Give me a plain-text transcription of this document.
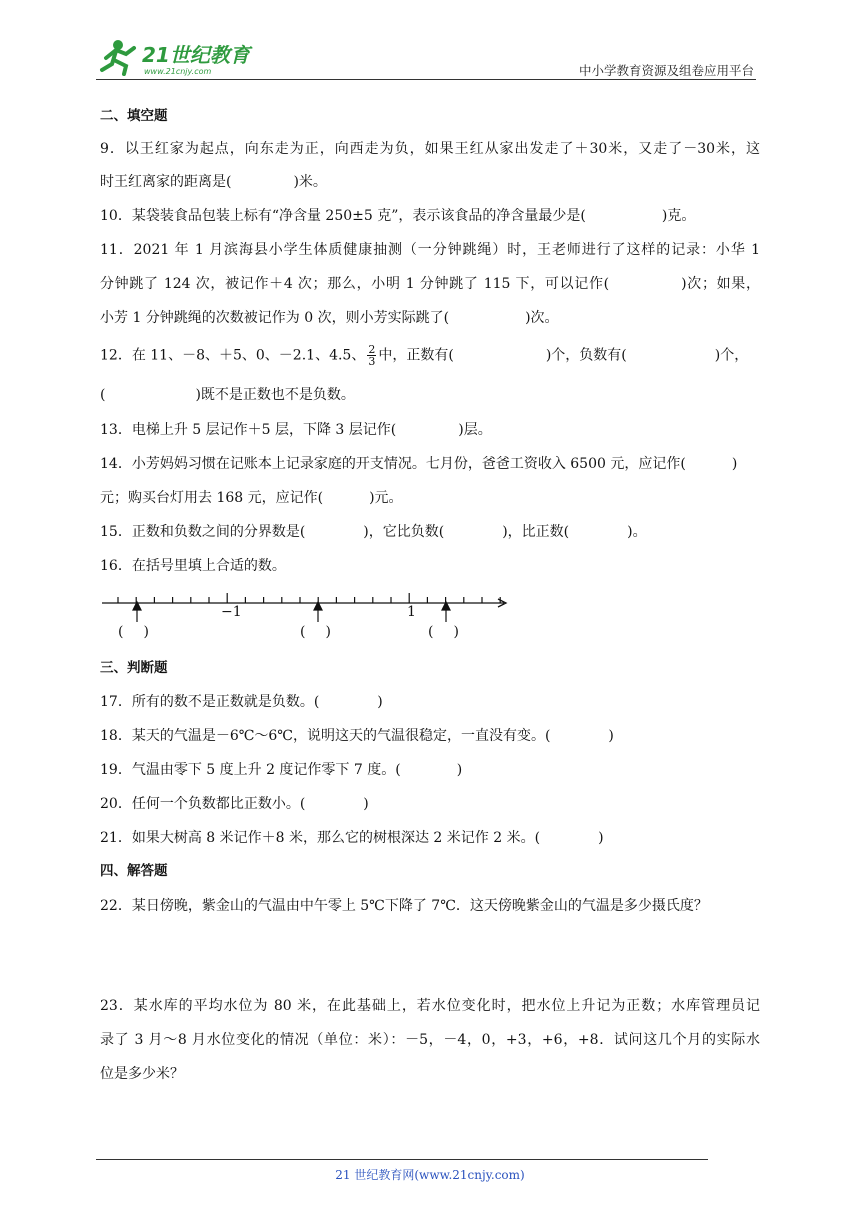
21世纪教育
www.21cnjy.com	中小学教育资源及组卷应用平台
二、填空题
9．以王红家为起点，向东走为正，向西走为负，如果王红从家出发走了＋30米，又走了－30米，这
时王红离家的距离是(	)米。
10．某袋装食品包装上标有“净含量 250±5 克”，表示该食品的净含量最少是(	)克。
11．2021 年 1 月滨海县小学生体质健康抽测（一分钟跳绳）时，王老师进行了这样的记录：小华 1
分钟跳了 124 次，被记作＋4 次；那么，小明 1 分钟跳了 115 下，可以记作(	)次；如果，
小芳 1 分钟跳绳的次数被记作为 0 次，则小芳实际跳了(	)次。
12．在 11、－8、＋5、0、－2.1、4.5、 $\frac{2}{3}$ 中，正数有(	)个，负数有(	)个，
(	)既不是正数也不是负数。
13．电梯上升 5 层记作＋5 层，下降 3 层记作(	)层。
14．小芳妈妈习惯在记账本上记录家庭的开支情况。七月份，爸爸工资收入 6500 元，应记作(	)
元；购买台灯用去 168 元，应记作(	)元。
15．正数和负数之间的分界数是(	)，它比负数(	)，比正数(	)。
16．在括号里填上合适的数。
−1	1
( )	( )	( )
三、判断题
17．所有的数不是正数就是负数。(	)
18．某天的气温是－6℃～6℃，说明这天的气温很稳定，一直没有变。(	)
19．气温由零下 5 度上升 2 度记作零下 7 度。(	)
20．任何一个负数都比正数小。(	)
21．如果大树高 8 米记作＋8 米，那么它的树根深达 2 米记作 2 米。(	)
四、解答题
22．某日傍晚，紫金山的气温由中午零上 5℃下降了 7℃．这天傍晚紫金山的气温是多少摄氏度？
23．某水库的平均水位为 80 米，在此基础上，若水位变化时，把水位上升记为正数；水库管理员记
录了 3 月～8 月水位变化的情况（单位：米）：－5，－4，0，+3，+6，+8．试问这几个月的实际水
位是多少米？
21 世纪教育网(www.21cnjy.com)
